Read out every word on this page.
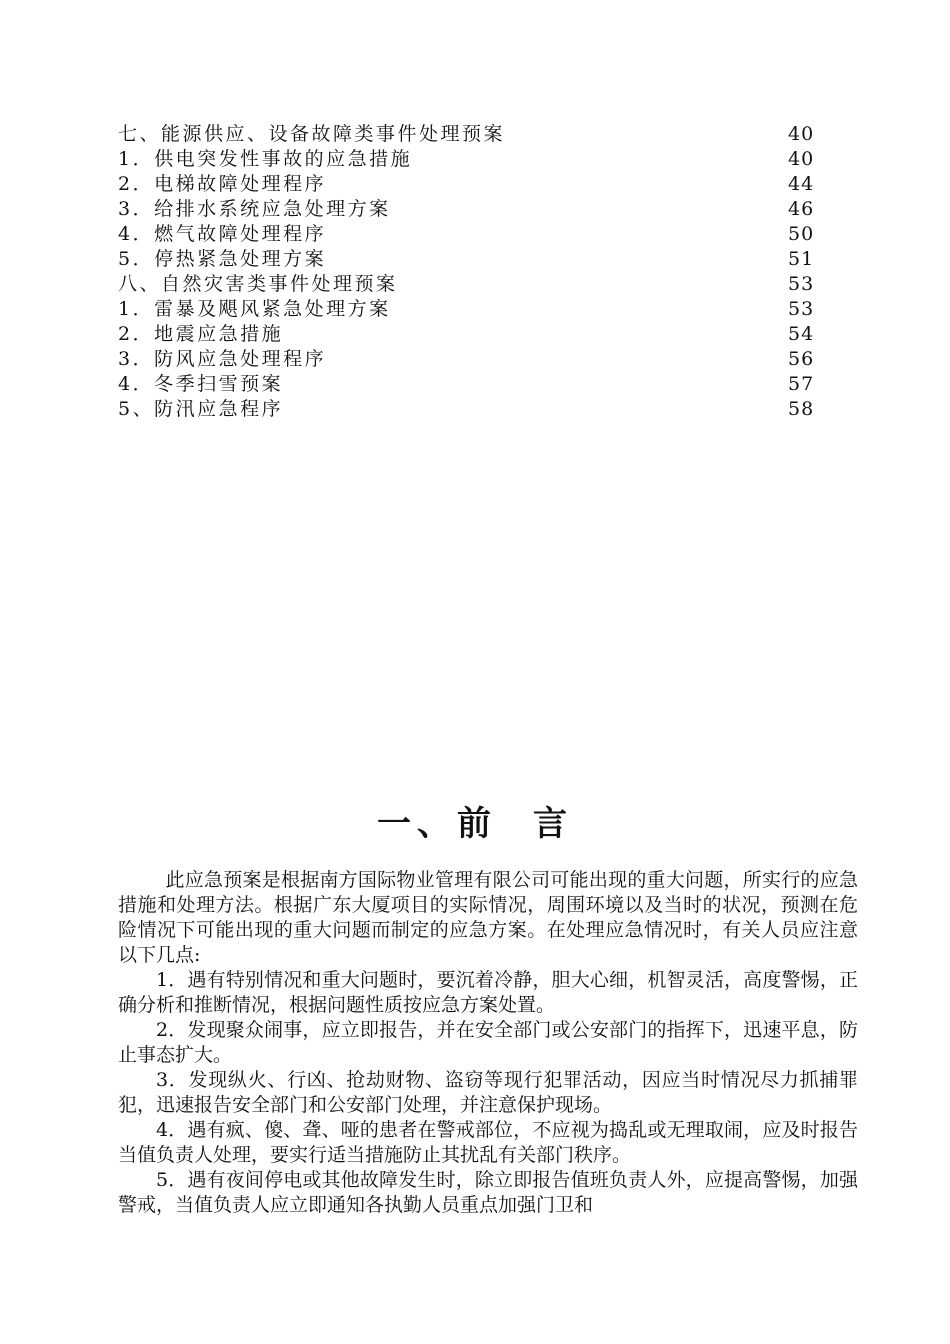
七、能源供应、设备故障类事件处理预案	40
1．供电突发性事故的应急措施	40
2．电梯故障处理程序	44
3．给排水系统应急处理方案	46
4．燃气故障处理程序	50
5．停热紧急处理方案	51
八、自然灾害类事件处理预案	53
1．雷暴及飓风紧急处理方案	53
2．地震应急措施	54
3．防风应急处理程序	56
4．冬季扫雪预案	57
5、防汛应急程序	58
一、前 言

此应急预案是根据南方国际物业管理有限公司可能出现的重大问题，所实行的应急措施和处理方法。根据广东大厦项目的实际情况，周围环境以及当时的状况，预测在危险情况下可能出现的重大问题而制定的应急方案。在处理应急情况时，有关人员应注意以下几点:

1．遇有特别情况和重大问题时，要沉着冷静，胆大心细，机智灵活，高度警惕，正确分析和推断情况，根据问题性质按应急方案处置。

2．发现聚众闹事，应立即报告，并在安全部门或公安部门的指挥下，迅速平息，防止事态扩大。

3．发现纵火、行凶、抢劫财物、盗窃等现行犯罪活动，因应当时情况尽力抓捕罪犯，迅速报告安全部门和公安部门处理，并注意保护现场。

4．遇有疯、傻、聋、哑的患者在警戒部位，不应视为捣乱或无理取闹，应及时报告当值负责人处理，要实行适当措施防止其扰乱有关部门秩序。

5．遇有夜间停电或其他故障发生时，除立即报告值班负责人外，应提高警惕，加强警戒，当值负责人应立即通知各执勤人员重点加强门卫和
